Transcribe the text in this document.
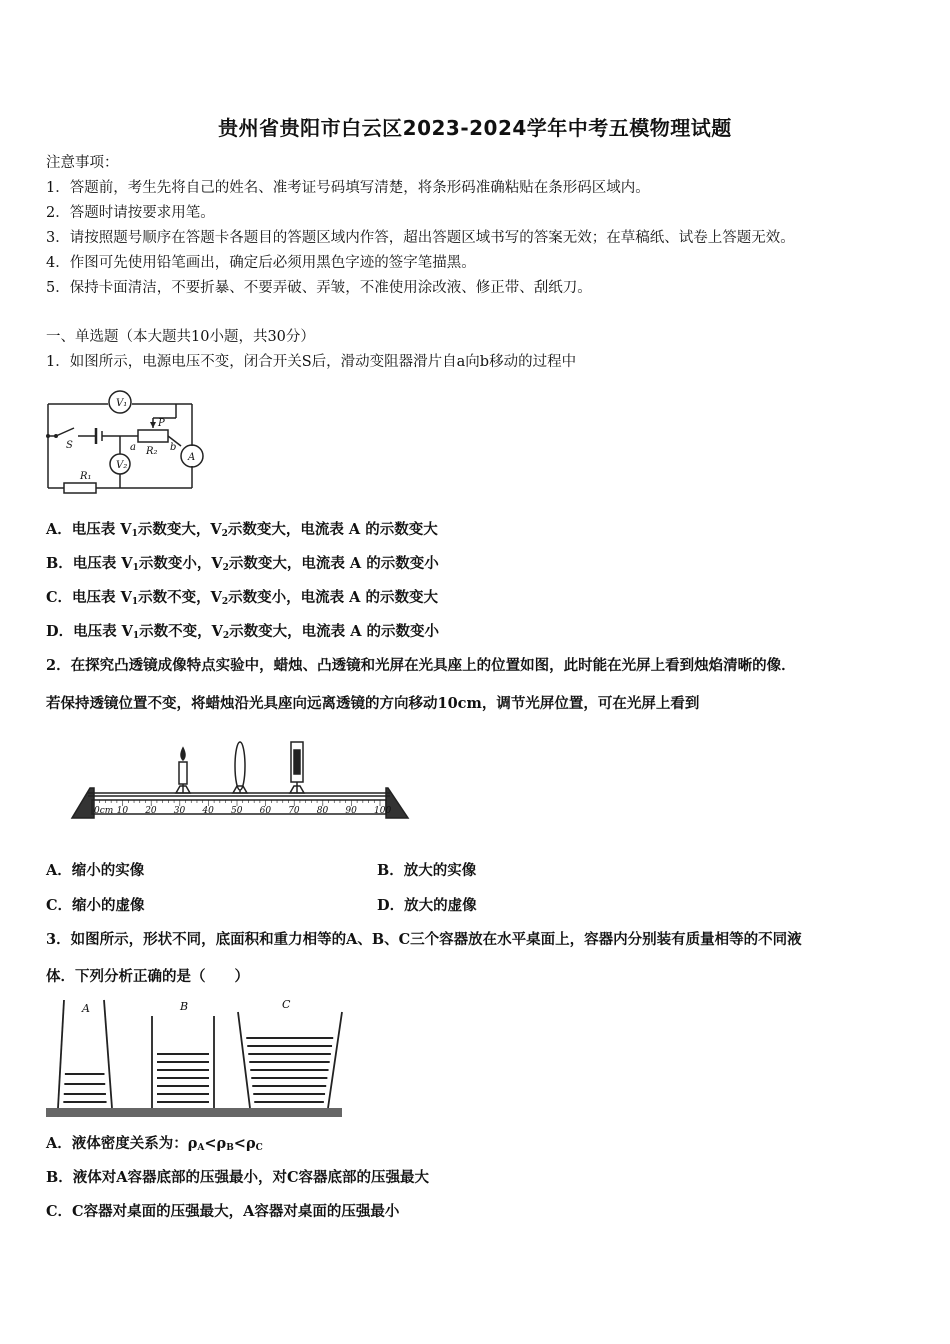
贵州省贵阳市白云区2023-2024学年中考五模物理试题
注意事项：
1．答题前，考生先将自己的姓名、准考证号码填写清楚，将条形码准确粘贴在条形码区域内。
2．答题时请按要求用笔。
3．请按照题号顺序在答题卡各题目的答题区域内作答，超出答题区域书写的答案无效；在草稿纸、试卷上答题无效。
4．作图可先使用铅笔画出，确定后必须用黑色字迹的签字笔描黑。
5．保持卡面清洁，不要折暴、不要弄破、弄皱，不准使用涂改液、修正带、刮纸刀。
一、单选题（本大题共10小题，共30分）
1．如图所示，电源电压不变，闭合开关S后，滑动变阻器滑片自a向b移动的过程中
V₁
V₂
A
S
P
R₂
R₁
a	b
A．电压表 $V_1$示数变大，$V_2$示数变大，电流表 A 的示数变大
B．电压表 $V_1$示数变小，$V_2$示数变大，电流表 A 的示数变小
C．电压表 $V_1$示数不变，$V_2$示数变小，电流表 A 的示数变大
D．电压表 $V_1$示数不变，$V_2$示数变大，电流表 A 的示数变小
2．在探究凸透镜成像特点实验中，蜡烛、凸透镜和光屏在光具座上的位置如图，此时能在光屏上看到烛焰清晰的像．
若保持透镜位置不变，将蜡烛沿光具座向远离透镜的方向移动10cm，调节光屏位置，可在光屏上看到
0cm 10 20 30 40 50 60 70 80 90 100
A．缩小的实像	B．放大的实像
C．缩小的虚像	D．放大的虚像
3．如图所示，形状不同，底面积和重力相等的A、B、C三个容器放在水平桌面上，容器内分别装有质量相等的不同液
体．下列分析正确的是（　　）
A	B	C
A．液体密度关系为：$\rho_A<\rho_B<\rho_C$
B．液体对A容器底部的压强最小，对C容器底部的压强最大
C．C容器对桌面的压强最大，A容器对桌面的压强最小
